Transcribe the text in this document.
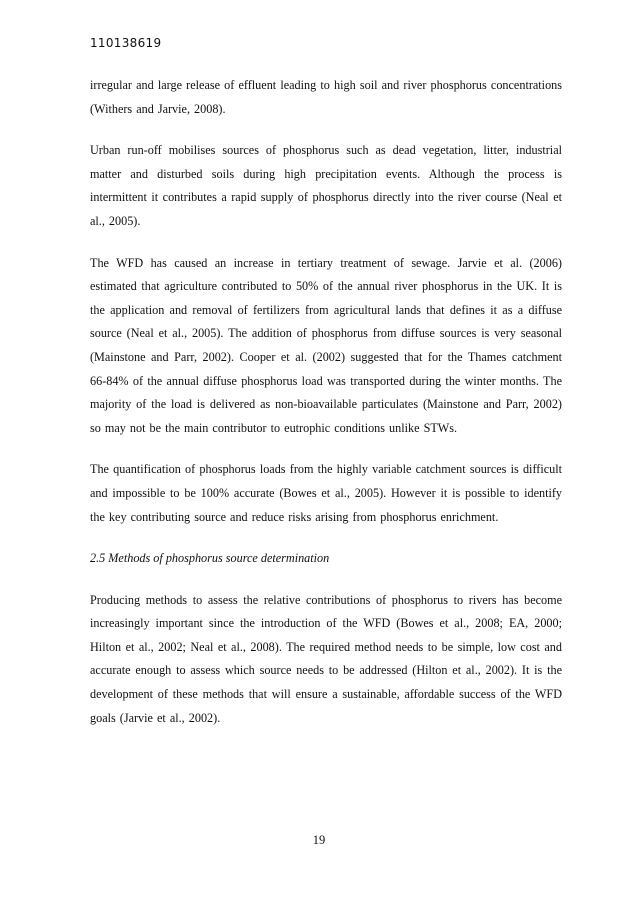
110138619

irregular and large release of effluent leading to high soil and river phosphorus concentrations (Withers and Jarvie, 2008).

Urban run-off mobilises sources of phosphorus such as dead vegetation, litter, industrial matter and disturbed soils during high precipitation events. Although the process is intermittent it contributes a rapid supply of phosphorus directly into the river course (Neal et al., 2005).

The WFD has caused an increase in tertiary treatment of sewage. Jarvie et al. (2006) estimated that agriculture contributed to 50% of the annual river phosphorus in the UK. It is the application and removal of fertilizers from agricultural lands that defines it as a diffuse source (Neal et al., 2005). The addition of phosphorus from diffuse sources is very seasonal (Mainstone and Parr, 2002). Cooper et al. (2002) suggested that for the Thames catchment 66-84% of the annual diffuse phosphorus load was transported during the winter months. The majority of the load is delivered as non-bioavailable particulates (Mainstone and Parr, 2002) so may not be the main contributor to eutrophic conditions unlike STWs.

The quantification of phosphorus loads from the highly variable catchment sources is difficult and impossible to be 100% accurate (Bowes et al., 2005). However it is possible to identify the key contributing source and reduce risks arising from phosphorus enrichment.

2.5 Methods of phosphorus source determination

Producing methods to assess the relative contributions of phosphorus to rivers has become increasingly important since the introduction of the WFD (Bowes et al., 2008; EA, 2000; Hilton et al., 2002; Neal et al., 2008). The required method needs to be simple, low cost and accurate enough to assess which source needs to be addressed (Hilton et al., 2002). It is the development of these methods that will ensure a sustainable, affordable success of the WFD goals (Jarvie et al., 2002).

19
